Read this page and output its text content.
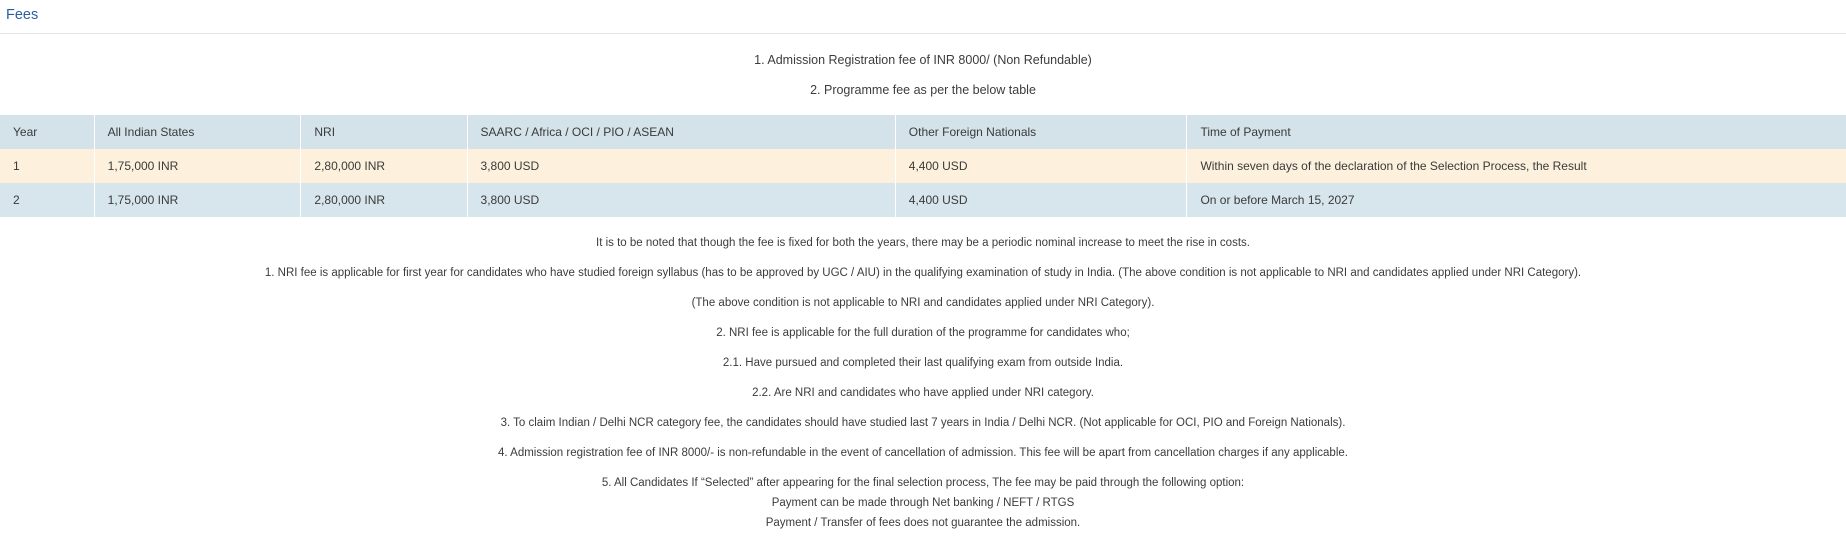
Fees
1. Admission Registration fee of INR 8000/ (Non Refundable)
2. Programme fee as per the below table
Year	All Indian States	NRI	SAARC / Africa / OCI / PIO / ASEAN	Other Foreign Nationals	Time of Payment
1	1,75,000 INR	2,80,000 INR	3,800 USD	4,400 USD	Within seven days of the declaration of the Selection Process, the Result
2	1,75,000 INR	2,80,000 INR	3,800 USD	4,400 USD	On or before March 15, 2027
It is to be noted that though the fee is fixed for both the years, there may be a periodic nominal increase to meet the rise in costs.
1. NRI fee is applicable for first year for candidates who have studied foreign syllabus (has to be approved by UGC / AIU) in the qualifying examination of study in India. (The above condition is not applicable to NRI and candidates applied under NRI Category).
(The above condition is not applicable to NRI and candidates applied under NRI Category).
2. NRI fee is applicable for the full duration of the programme for candidates who;
2.1. Have pursued and completed their last qualifying exam from outside India.
2.2. Are NRI and candidates who have applied under NRI category.
3. To claim Indian / Delhi NCR category fee, the candidates should have studied last 7 years in India / Delhi NCR. (Not applicable for OCI, PIO and Foreign Nationals).
4. Admission registration fee of INR 8000/- is non-refundable in the event of cancellation of admission. This fee will be apart from cancellation charges if any applicable.
5. All Candidates If “Selected” after appearing for the final selection process, The fee may be paid through the following option:
Payment can be made through Net banking / NEFT / RTGS
Payment / Transfer of fees does not guarantee the admission.
